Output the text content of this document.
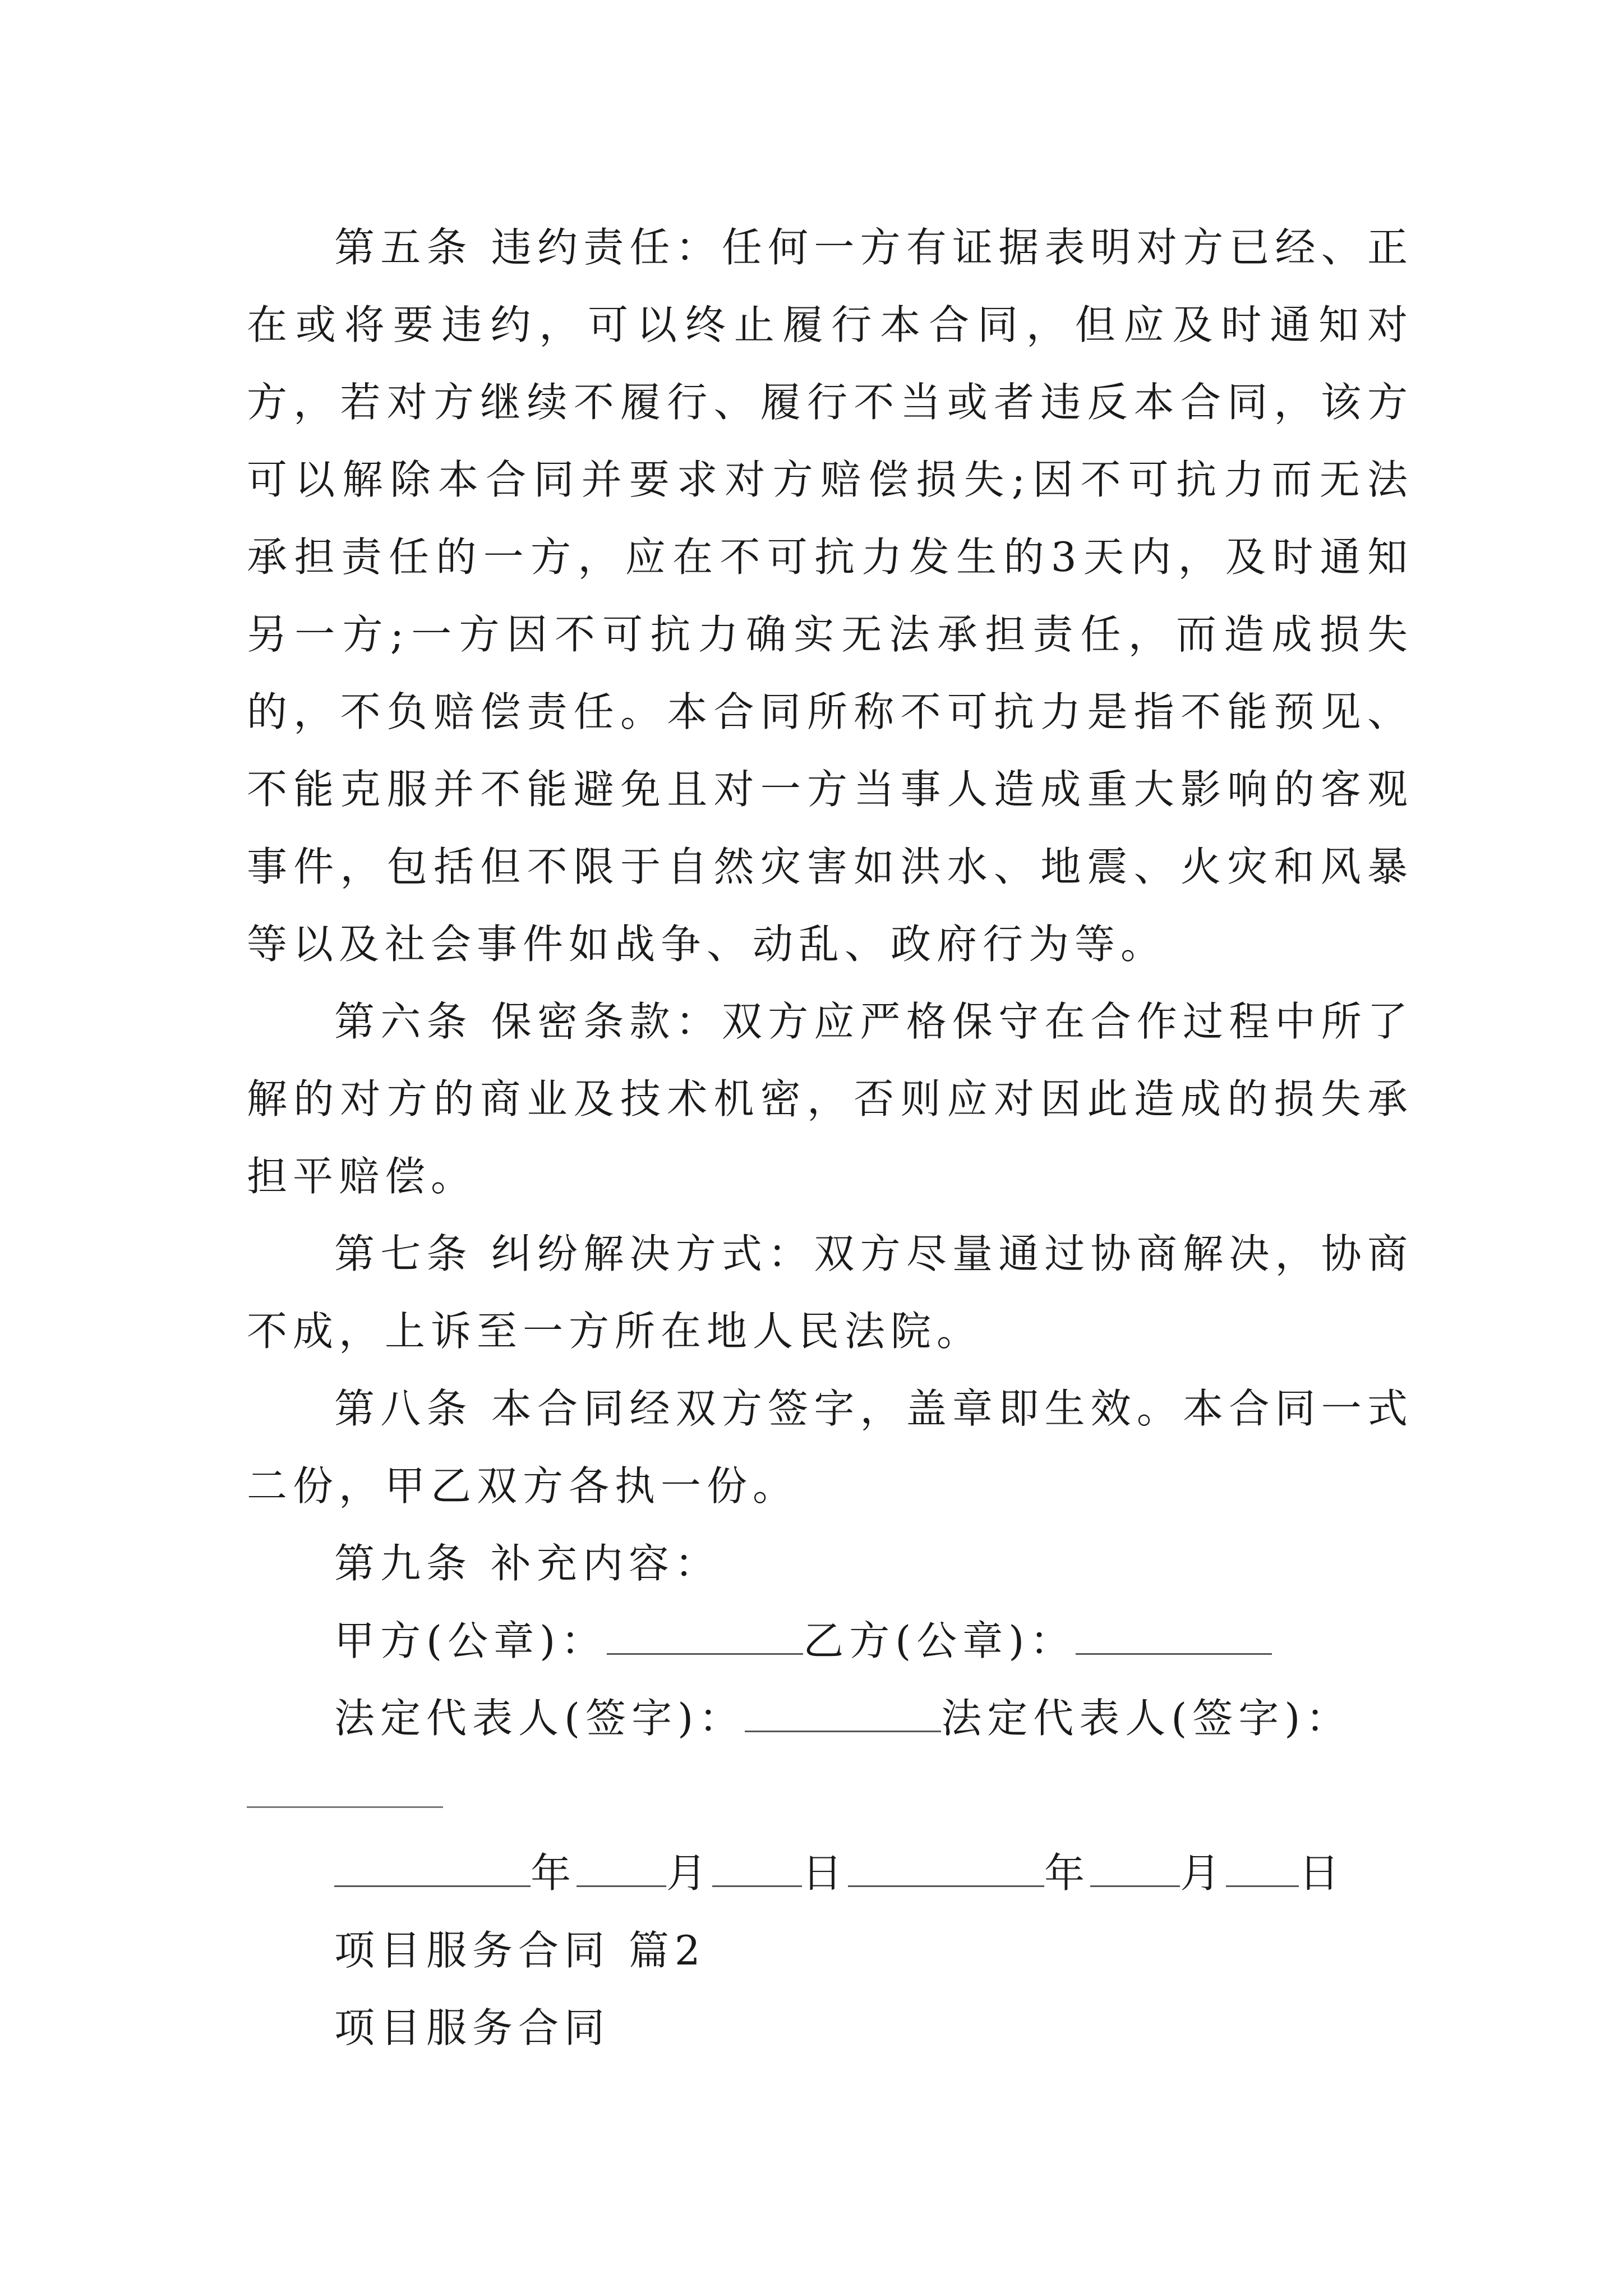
第五条 违约责任：任何一方有证据表明对方已经、正在或将要违约，可以终止履行本合同，但应及时通知对方，若对方继续不履行、履行不当或者违反本合同，该方可以解除本合同并要求对方赔偿损失;因不可抗力而无法承担责任的一方，应在不可抗力发生的3天内，及时通知另一方;一方因不可抗力确实无法承担责任，而造成损失的，不负赔偿责任。本合同所称不可抗力是指不能预见、不能克服并不能避免且对一方当事人造成重大影响的客观事件，包括但不限于自然灾害如洪水、地震、火灾和风暴等以及社会事件如战争、动乱、政府行为等。

第六条 保密条款：双方应严格保守在合作过程中所了解的对方的商业及技术机密，否则应对因此造成的损失承担平赔偿。

第七条 纠纷解决方式：双方尽量通过协商解决，协商不成，上诉至一方所在地人民法院。

第八条 本合同经双方签字，盖章即生效。本合同一式二份，甲乙双方各执一份。

第九条 补充内容：
甲方(公章)：	乙方(公章)：
法定代表人(签字)：	法定代表人(签字)：
年 月 日	年 月 日
项目服务合同 篇2
项目服务合同
